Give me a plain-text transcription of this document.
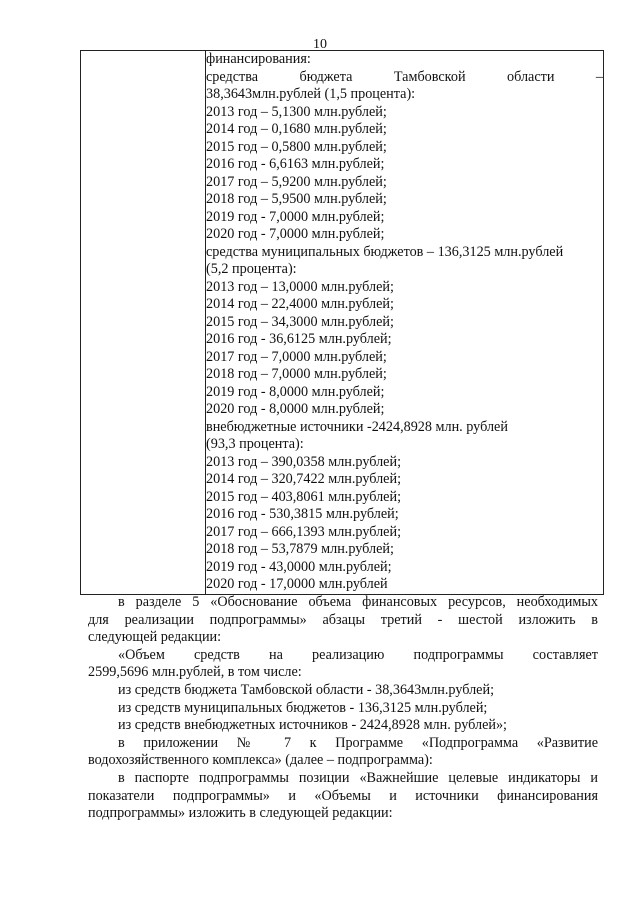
10

финансирования:
средства бюджета Тамбовской области –
38,3643млн.рублей (1,5 процента):
2013 год – 5,1300 млн.рублей;
2014 год – 0,1680 млн.рублей;
2015 год – 0,5800 млн.рублей;
2016 год - 6,6163 млн.рублей;
2017 год – 5,9200 млн.рублей;
2018 год – 5,9500 млн.рублей;
2019 год - 7,0000 млн.рублей;
2020 год - 7,0000 млн.рублей;
средства муниципальных бюджетов – 136,3125 млн.рублей
(5,2 процента):
2013 год – 13,0000 млн.рублей;
2014 год – 22,4000 млн.рублей;
2015 год – 34,3000 млн.рублей;
2016 год - 36,6125 млн.рублей;
2017 год – 7,0000 млн.рублей;
2018 год – 7,0000 млн.рублей;
2019 год - 8,0000 млн.рублей;
2020 год - 8,0000 млн.рублей;
внебюджетные источники -2424,8928 млн. рублей
(93,3 процента):
2013 год – 390,0358 млн.рублей;
2014 год – 320,7422 млн.рублей;
2015 год – 403,8061 млн.рублей;
2016 год - 530,3815 млн.рублей;
2017 год – 666,1393 млн.рублей;
2018 год – 53,7879 млн.рублей;
2019 год - 43,0000 млн.рублей;
2020 год - 17,0000 млн.рублей
в разделе 5 «Обоснование объема финансовых ресурсов, необходимых
для реализации подпрограммы» абзацы третий - шестой изложить в
следующей редакции:
«Объем средств на реализацию подпрограммы составляет
2599,5696 млн.рублей, в том числе:
из средств бюджета Тамбовской области - 38,3643млн.рублей;
из средств муниципальных бюджетов - 136,3125 млн.рублей;
из средств внебюджетных источников - 2424,8928 млн. рублей»;
в приложении № 7 к Программе «Подпрограмма «Развитие
водохозяйственного комплекса» (далее – подпрограмма):
в паспорте подпрограммы позиции «Важнейшие целевые индикаторы и
показатели подпрограммы» и «Объемы и источники финансирования
подпрограммы» изложить в следующей редакции:
